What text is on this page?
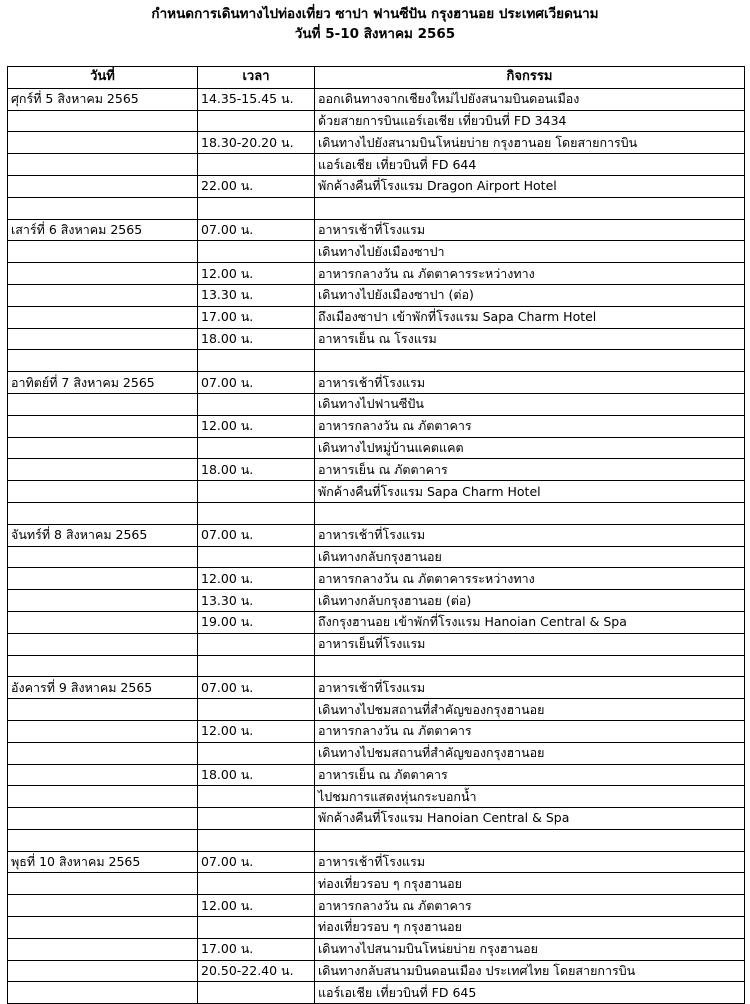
กำหนดการเดินทางไปท่องเที่ยว ซาปา ฟานซีปัน กรุงฮานอย ประเทศเวียดนาม
วันที่ 5-10 สิงหาคม 2565
วันที่	เวลา	กิจกรรม
ศุกร์ที่ 5 สิงหาคม 2565	14.35-15.45 น.	ออกเดินทางจากเชียงใหม่ไปยังสนามบินดอนเมือง
		ด้วยสายการบินแอร์เอเชีย เที่ยวบินที่ FD 3434
	18.30-20.20 น.	เดินทางไปยังสนามบินโหน่ยบ่าย กรุงฮานอย โดยสายการบิน
		แอร์เอเชีย เที่ยวบินที่ FD 644
	22.00 น.	พักค้างคืนที่โรงแรม Dragon Airport Hotel

เสาร์ที่ 6 สิงหาคม 2565	07.00 น.	อาหารเช้าที่โรงแรม
		เดินทางไปยังเมืองซาปา
	12.00 น.	อาหารกลางวัน ณ ภัตตาคารระหว่างทาง
	13.30 น.	เดินทางไปยังเมืองซาปา (ต่อ)
	17.00 น.	ถึงเมืองซาปา เข้าพักที่โรงแรม Sapa Charm Hotel
	18.00 น.	อาหารเย็น ณ โรงแรม

อาทิตย์ที่ 7 สิงหาคม 2565	07.00 น.	อาหารเช้าที่โรงแรม
		เดินทางไปฟานซีปัน
	12.00 น.	อาหารกลางวัน ณ ภัตตาคาร
		เดินทางไปหมู่บ้านแคตแคต
	18.00 น.	อาหารเย็น ณ ภัตตาคาร
		พักค้างคืนที่โรงแรม Sapa Charm Hotel

จันทร์ที่ 8 สิงหาคม 2565	07.00 น.	อาหารเช้าที่โรงแรม
		เดินทางกลับกรุงฮานอย
	12.00 น.	อาหารกลางวัน ณ ภัตตาคารระหว่างทาง
	13.30 น.	เดินทางกลับกรุงฮานอย (ต่อ)
	19.00 น.	ถึงกรุงฮานอย เข้าพักที่โรงแรม Hanoian Central & Spa
		อาหารเย็นที่โรงแรม

อังคารที่ 9 สิงหาคม 2565	07.00 น.	อาหารเช้าที่โรงแรม
		เดินทางไปชมสถานที่สำคัญของกรุงฮานอย
	12.00 น.	อาหารกลางวัน ณ ภัตตาคาร
		เดินทางไปชมสถานที่สำคัญของกรุงฮานอย
	18.00 น.	อาหารเย็น ณ ภัตตาคาร
		ไปชมการแสดงหุ่นกระบอกน้ำ
		พักค้างคืนที่โรงแรม Hanoian Central & Spa

พุธที่ 10 สิงหาคม 2565	07.00 น.	อาหารเช้าที่โรงแรม
		ท่องเที่ยวรอบ ๆ กรุงฮานอย
	12.00 น.	อาหารกลางวัน ณ ภัตตาคาร
		ท่องเที่ยวรอบ ๆ กรุงฮานอย
	17.00 น.	เดินทางไปสนามบินโหน่ยบ่าย กรุงฮานอย
	20.50-22.40 น.	เดินทางกลับสนามบินดอนเมือง ประเทศไทย โดยสายการบิน
		แอร์เอเชีย เที่ยวบินที่ FD 645
